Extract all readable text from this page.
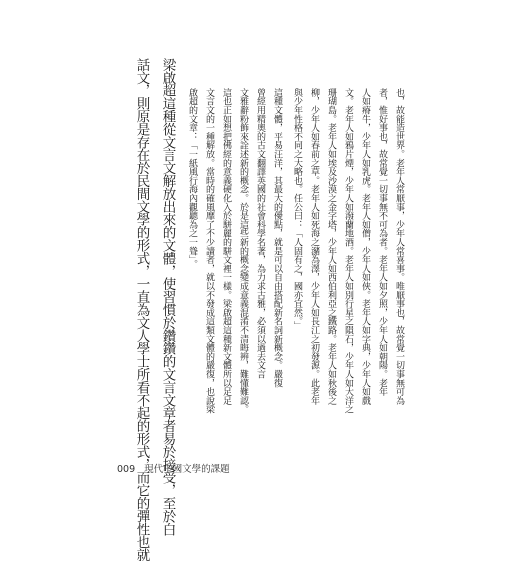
也，故能造世界。老年人常厭事，少年人常喜事。唯厭事也，故常覺一切事無可為
者，惟好事也，故常覺一切事無不可為者。老年人如夕照，少年人如朝陽。老年
人如瘠牛，少年人如乳虎。老年人如僧，少年人如俠。老年人如字典，少年人如戲
文。老年人如鴉片煙，少年人如潑蘭地酒。老年人如別行星之隕石，少年人如大洋之
珊瑚島。老年人如埃及沙漠之金字塔，少年人如西伯利亞之鐵路。老年人如秋後之
柳，少年人如春前之草。老年人如死海之瀦為澤，少年人如長江之初發源。此老年
與少年性格不同之大略也。任公曰：「人固有之，國亦宜然。」
這種文體，平易汪洋，其最大的優點，就是可以自由搭配新名詞新概念。嚴復
曾經用精奧的古文翻譯英國的社會科學名著，為力求古雅，必須以過去文言
文雅辭粉飾來詮述新的概念。於是這些新的概念變成意義混淆不清晦辨，難懂難認。
這也正如想把佛經的意義硬化入於駢麗的駢文裡一樣。梁啟超這種新文體所以足足
文言文的一種解放。當時的確風靡了不少讀者，就以不發成這類文體的嚴復，也說梁
啟超的文章：「一紙風行海內觀聽為之一聳」。
梁啟超這種從文言文解放出來的文體，使習慣於鑽鑽的文言文章者易於接受，至於白
話文，則原是存在於民間文學的形式，一直為文人學士所看不起的形式，而它的彈性也就
009 現代中國文學的課題
